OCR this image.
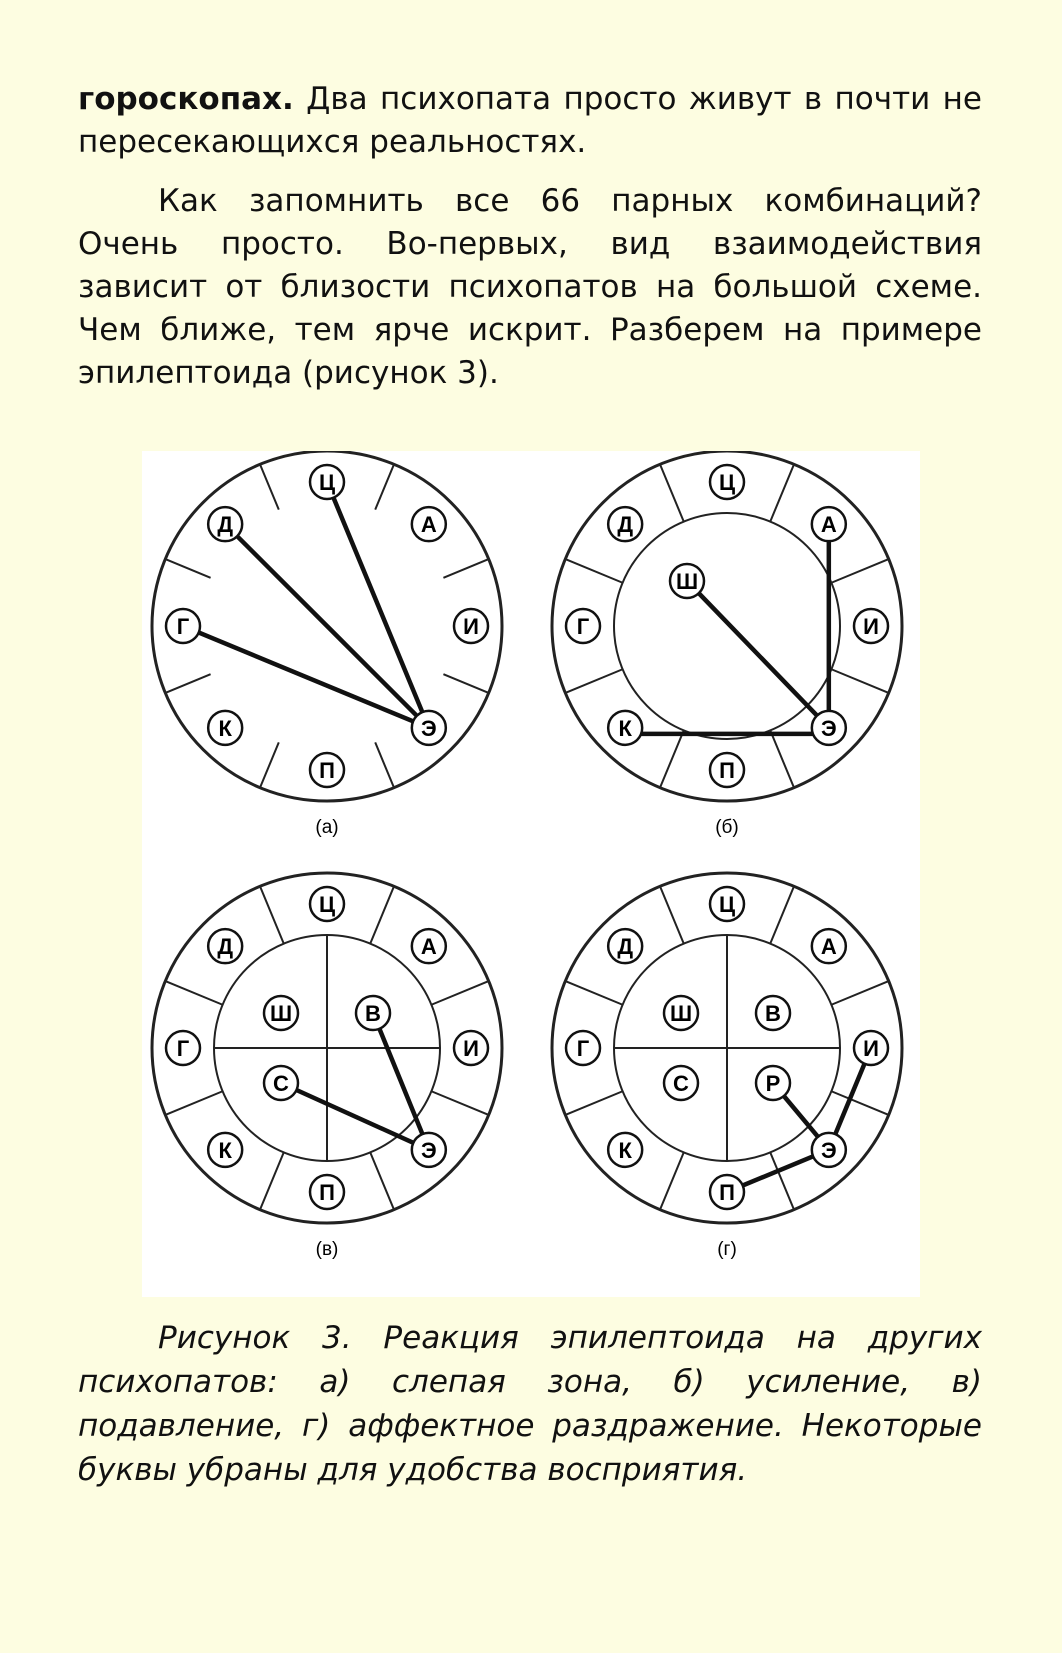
гороскопах. Два психопата просто живут в почти не пересекающихся реальностях.

Как запомнить все 66 парных комбинаций? Очень просто. Во-первых, вид взаимодействия зависит от близости психопатов на большой схеме. Чем ближе, тем ярче искрит. Разберем на примере эпилептоида (рисунок 3).

Ц
А
И
Э
П
К
Г
Д
(а)
Ц
А
И
Э
П
К
Г
Д
Ш
(б)
Ц
А
И
Э
П
К
Г
Д
Ш	В
С
(в)
Ц
А
И
Э
П
К
Г
Д
Ш	В
С	Р
(г)

Рисунок 3. Реакция эпилептоида на других психопатов: а) слепая зона, б) усиление, в) подавление, г) аффектное раздражение. Некоторые буквы убраны для удобства восприятия.
